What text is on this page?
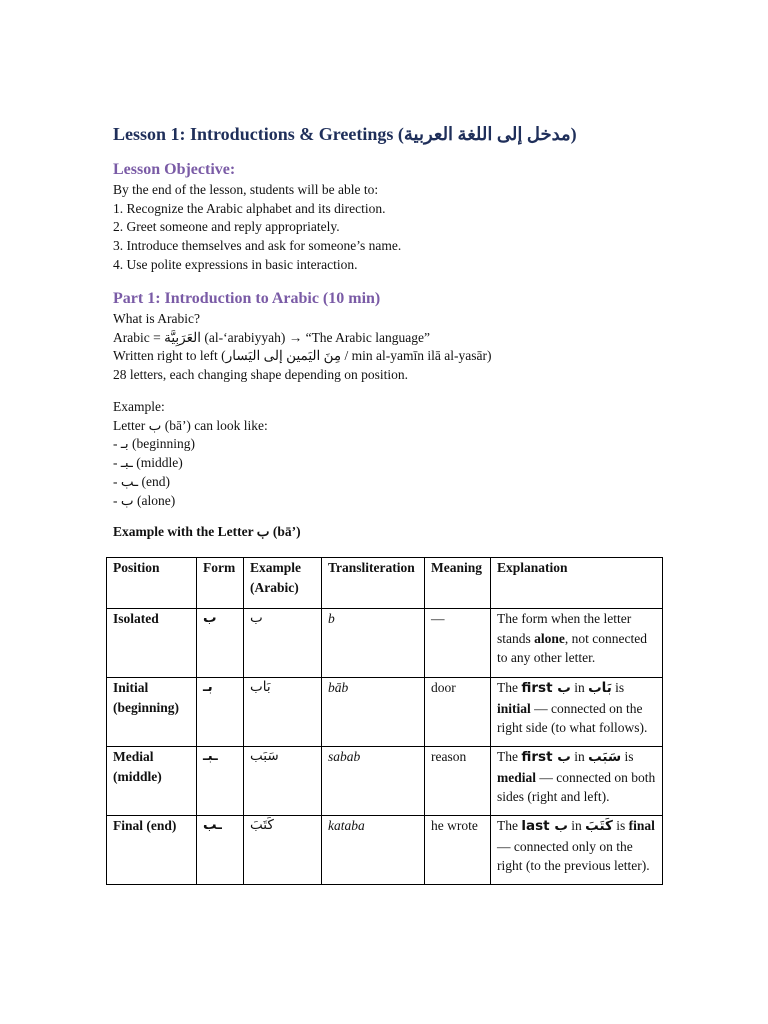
Lesson 1: Introductions & Greetings (مدخل إلى اللغة العربية)
Lesson Objective:
By the end of the lesson, students will be able to:
1. Recognize the Arabic alphabet and its direction.
2. Greet someone and reply appropriately.
3. Introduce themselves and ask for someone’s name.
4. Use polite expressions in basic interaction.
Part 1: Introduction to Arabic (10 min)
What is Arabic?
Arabic = العَرَبِيَّة (al-ʻarabiyyah) → “The Arabic language”
Written right to left (مِنَ اليَمين إلى اليَسار / min al-yamīn ilā al-yasār)
28 letters, each changing shape depending on position.
Example:
Letter ب (bāʼ) can look like:
- بـ (beginning)
- ـبـ (middle)
- ـب (end)
- ب (alone)

Example with the Letter ب (bāʼ)

Position	Form	Example (Arabic)	Transliteration	Meaning	Explanation
Isolated	ب	ب	b	—	The form when the letter stands alone, not connected to any other letter.
Initial (beginning)	بـ	بَاب	bāb	door	The first ب in بَاب is initial — connected on the right side (to what follows).
Medial (middle)	ـبـ	سَبَب	sabab	reason	The first ب in سَبَب is medial — connected on both sides (right and left).
Final (end)	ـب	كَتَبَ	kataba	he wrote	The last ب in كَتَبَ is final — connected only on the right (to the previous letter).
